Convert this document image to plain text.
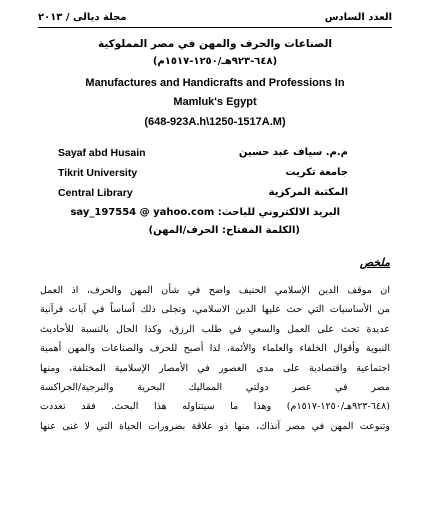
مجلة ديالى / ٢٠١٣	العدد السادس
الصناعات والحرف والمهن في مصر المملوكية
(٦٤٨-٩٢٣هـ/١٢٥٠-١٥١٧م)
Manufactures and Handicrafts and Professions In
Mamluk's Egypt
(648-923A.h\1250-1517A.M)
Sayaf abd Husain	م.م. سياف عبد حسين
Tikrit University	جامعة تكريت
Central Library	المكتبة المركزية
البريد الالكتروني للباحث: say_197554 @ yahoo.com
(الكلمة المفتاح: الحرف/المهن)
ملخص
ان موقف الدين الإسلامي الحنيف واضح في شأن المهن والحرف، اذ العمل
من الأساسيات التي حث عليها الدين الاسلامي، وتجلى ذلك أساساً في آيات قرآنية
عديدة تحث على العمل والسعي في طلب الرزق، وكذا الحال بالنسبة للأحاديث
النبوية وأقوال الخلفاء والعلماء والأئمة، لذا أصبح للحرف والصناعات والمهن أهمية
اجتماعية واقتصادية على مدى العصور في الأمصار الإسلامية المختلفة، ومنها
مصر في عصر دولتي المماليك البحرية والبرجية/الجراكسة
(٦٤٨-٩٢٣هـ/١٢٥٠-١٥١٧م) وهذا ما سيتناوله هذا البحث. فقد تعددت
وتنوعت المهن في مصر آنذاك، منها ذو علاقة بضرورات الحياة التي لا غنى عنها
